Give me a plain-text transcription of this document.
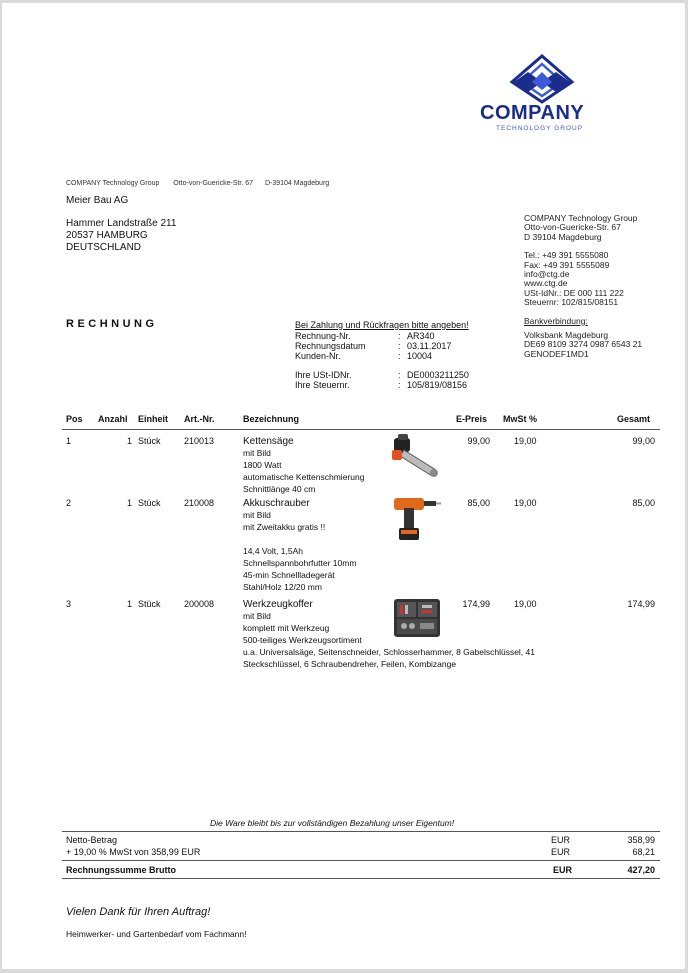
COMPANY
TECHNOLOGY GROUP
COMPANY Technology Group Otto-von-Guericke-Str. 67 D-39104 Magdeburg
Meier Bau AG
Hammer Landstraße 211
20537 HAMBURG
DEUTSCHLAND
COMPANY Technology Group
Otto-von-Guericke-Str. 67
D 39104 Magdeburg
Tel.: +49 391 5555080
Fax: +49 391 5555089
info@ctg.de
www.ctg.de
USt-IdNr.: DE 000 111 222
Steuernr: 102/815/08151
Bankverbindung:
Volksbank Magdeburg
DE69 8109 3274 0987 6543 21
GENODEF1MD1
RECHNUNG	Bei Zahlung und Rückfragen bitte angeben!
Rechnung-Nr.	: AR340
Rechnungsdatum	: 03.11.2017
Kunden-Nr.	: 10004
Ihre USt-IDNr.	: DE0003211250
Ihre Steuernr.	: 105/819/08156
Pos Anzahl Einheit Art.-Nr.	Bezeichnung	E-Preis MwSt %	Gesamt
1	1 Stück	210013	Kettensäge
mit Bild
1800 Watt
automatische Kettenschmierung
Schnittlänge 40 cm
99,00	19,00	99,00
2	1 Stück	210008	Akkuschrauber
mit Bild
mit Zweitakku gratis !!
14,4 Volt, 1,5Ah
Schnellspannbohrfutter 10mm
45-min Schnellladegerät
Stahl/Holz 12/20 mm
85,00	19,00	85,00
3	1 Stück	200008	Werkzeugkoffer
mit Bild
komplett mit Werkzeug
500-teiliges Werkzeugsortiment
u.a. Universalsäge, Seitenschneider, Schlosserhammer, 8 Gabelschlüssel, 41
Steckschlüssel, 6 Schraubendreher, Feilen, Kombizange
174,99	19,00	174,99
Die Ware bleibt bis zur vollständigen Bezahlung unser Eigentum!
Netto-Betrag	EUR	358,99
+ 19,00 % MwSt von 358,99 EUR	EUR	68,21
Rechnungssumme Brutto	EUR	427,20
Vielen Dank für Ihren Auftrag!
Heimwerker- und Gartenbedarf vom Fachmann!
